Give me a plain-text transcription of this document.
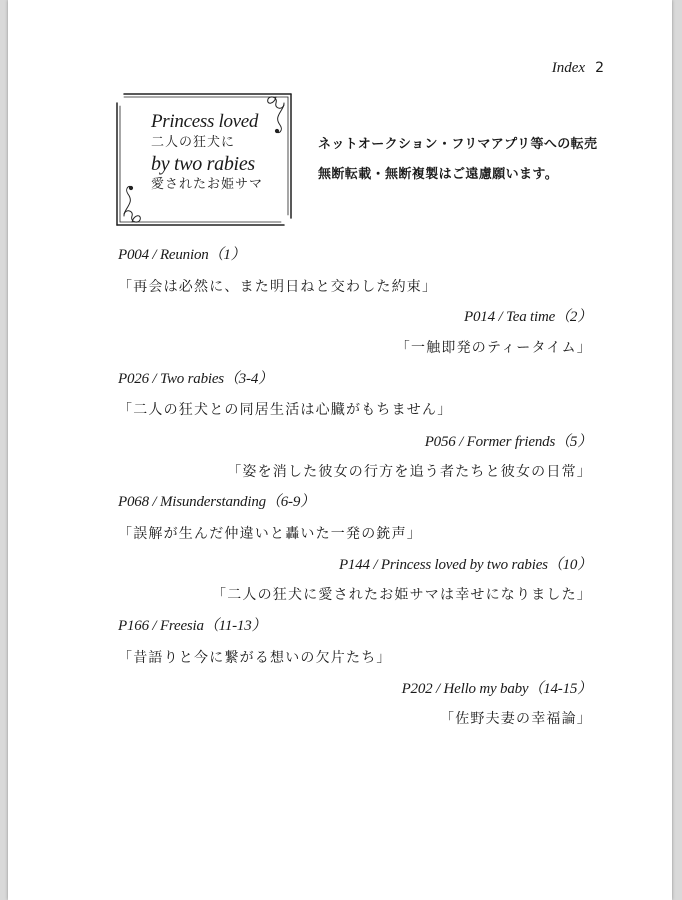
Index 2
Princess loved
二人の狂犬に
by two rabies
愛されたお姫サマ
ネットオークション・フリマアプリ等への転売
無断転載・無断複製はご遠慮願います。
P004 / Reunion（1）
「再会は必然に、また明日ねと交わした約束」
P014 / Tea time（2）
「一触即発のティータイム」
P026 / Two rabies（3-4）
「二人の狂犬との同居生活は心臓がもちません」
P056 / Former friends（5）
「姿を消した彼女の行方を追う者たちと彼女の日常」
P068 / Misunderstanding（6-9）
「誤解が生んだ仲違いと轟いた一発の銃声」
P144 / Princess loved by two rabies（10）
「二人の狂犬に愛されたお姫サマは幸せになりました」
P166 / Freesia（11-13）
「昔語りと今に繋がる想いの欠片たち」
P202 / Hello my baby（14-15）
「佐野夫妻の幸福論」
